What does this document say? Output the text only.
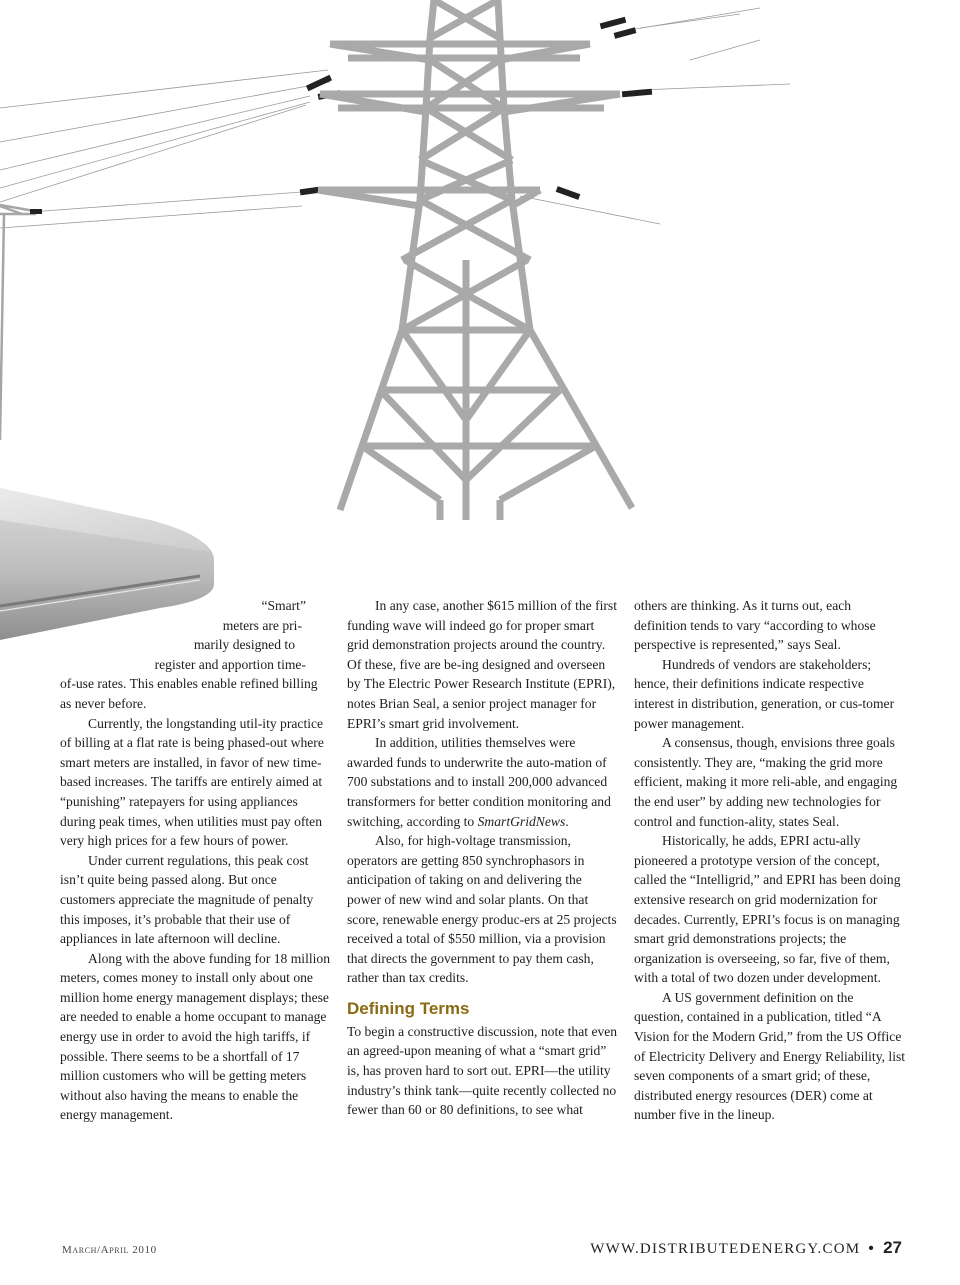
“Smart”

meters are pri-

marily designed to

register and apportion time-

of-use rates. This enables enable refined billing as never before.

Currently, the longstanding util-ity practice of billing at a flat rate is being phased-out where smart meters are installed, in favor of new time-based increases. The tariffs are entirely aimed at “punishing” ratepayers for using appliances during peak times, when utilities must pay often very high prices for a few hours of power.

Under current regulations, this peak cost isn’t quite being passed along. But once customers appreciate the magnitude of penalty this imposes, it’s probable that their use of appliances in late afternoon will decline.

Along with the above funding for 18 million meters, comes money to install only about one million home energy management displays; these are needed to enable a home occupant to manage energy use in order to avoid the high tariffs, if possible. There seems to be a shortfall of 17 million customers who will be getting meters without also having the means to enable the energy management.

In any case, another $615 million of the first funding wave will indeed go for proper smart grid demonstration projects around the country. Of these, five are be-ing designed and overseen by The Electric Power Research Institute (EPRI), notes Brian Seal, a senior project manager for EPRI’s smart grid involvement.

In addition, utilities themselves were awarded funds to underwrite the auto-mation of 700 substations and to install 200,000 advanced transformers for better condition monitoring and switching, according to SmartGridNews.

Also, for high-voltage transmission, operators are getting 850 synchrophasors in anticipation of taking on and delivering the power of new wind and solar plants. On that score, renewable energy produc-ers at 25 projects received a total of $550 million, via a provision that directs the government to pay them cash, rather than tax credits.

Defining Terms

To begin a constructive discussion, note that even an agreed-upon meaning of what a “smart grid” is, has proven hard to sort out. EPRI—the utility industry’s think tank—quite recently collected no fewer than 60 or 80 definitions, to see what

others are thinking. As it turns out, each definition tends to vary “according to whose perspective is represented,” says Seal.

Hundreds of vendors are stakeholders; hence, their definitions indicate respective interest in distribution, generation, or cus-tomer power management.

A consensus, though, envisions three goals consistently. They are, “making the grid more efficient, making it more reli-able, and engaging the end user” by adding new technologies for control and function-ality, states Seal.

Historically, he adds, EPRI actu-ally pioneered a prototype version of the concept, called the “Intelligrid,” and EPRI has been doing extensive research on grid modernization for decades. Currently, EPRI’s focus is on managing smart grid demonstrations projects; the organization is overseeing, so far, five of them, with a total of two dozen under development.

A US government definition on the question, contained in a publication, titled “A Vision for the Modern Grid,” from the US Office of Electricity Delivery and Energy Reliability, list seven components of a smart grid; of these, distributed energy resources (DER) come at number five in the lineup.

March/April 2010	WWW.DISTRIBUTEDENERGY.COM • 27
